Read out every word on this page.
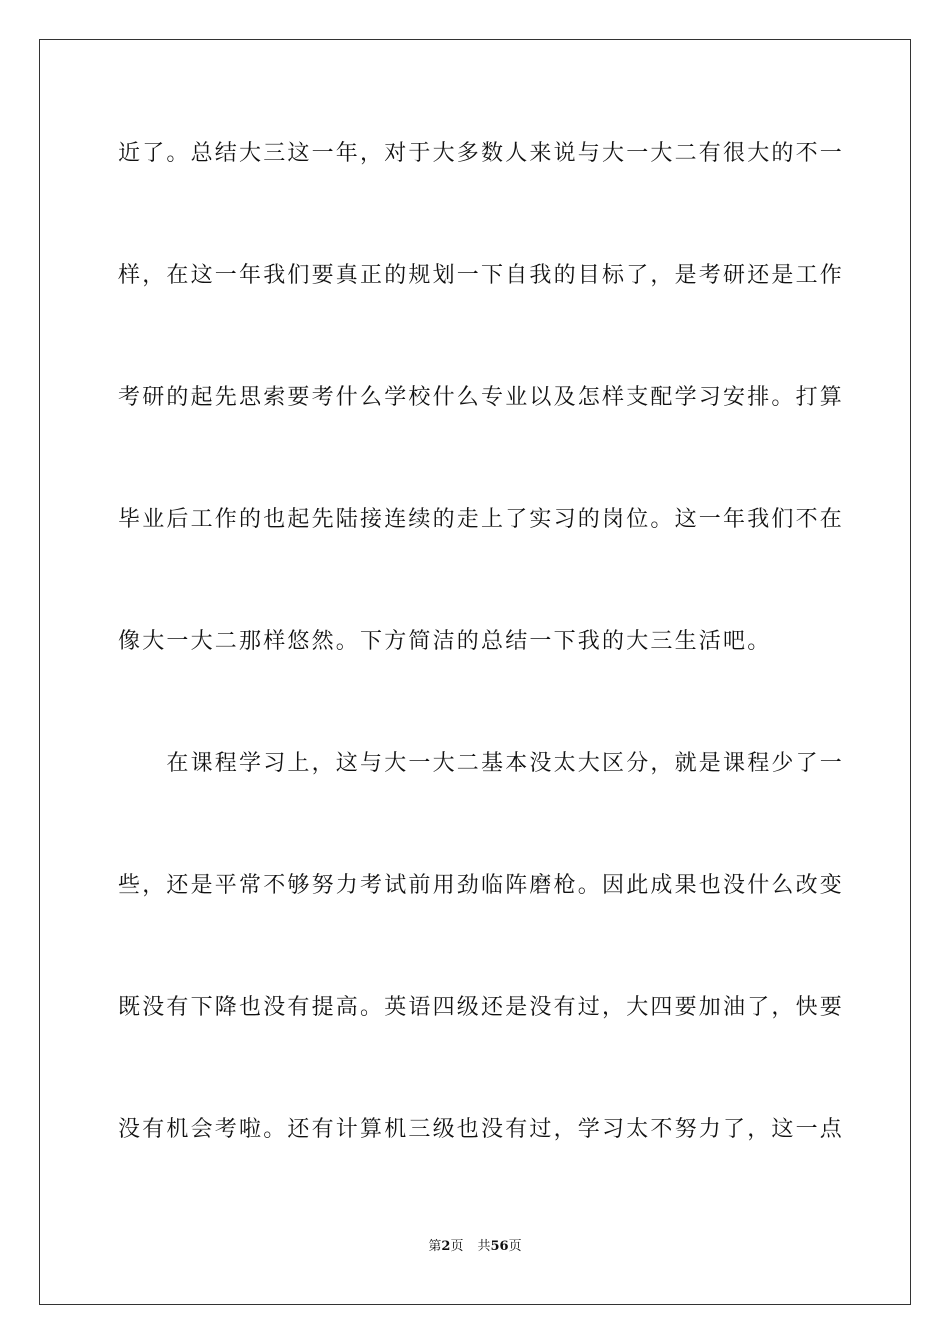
近了。总结大三这一年，对于大多数人来说与大一大二有很大的不一
样，在这一年我们要真正的规划一下自我的目标了，是考研还是工作
考研的起先思索要考什么学校什么专业以及怎样支配学习安排。打算
毕业后工作的也起先陆接连续的走上了实习的岗位。这一年我们不在
像大一大二那样悠然。下方简洁的总结一下我的大三生活吧。
　　在课程学习上，这与大一大二基本没太大区分，就是课程少了一
些，还是平常不够努力考试前用劲临阵磨枪。因此成果也没什么改变
既没有下降也没有提高。英语四级还是没有过，大四要加油了，快要
没有机会考啦。还有计算机三级也没有过，学习太不努力了，这一点
第2页 共56页
